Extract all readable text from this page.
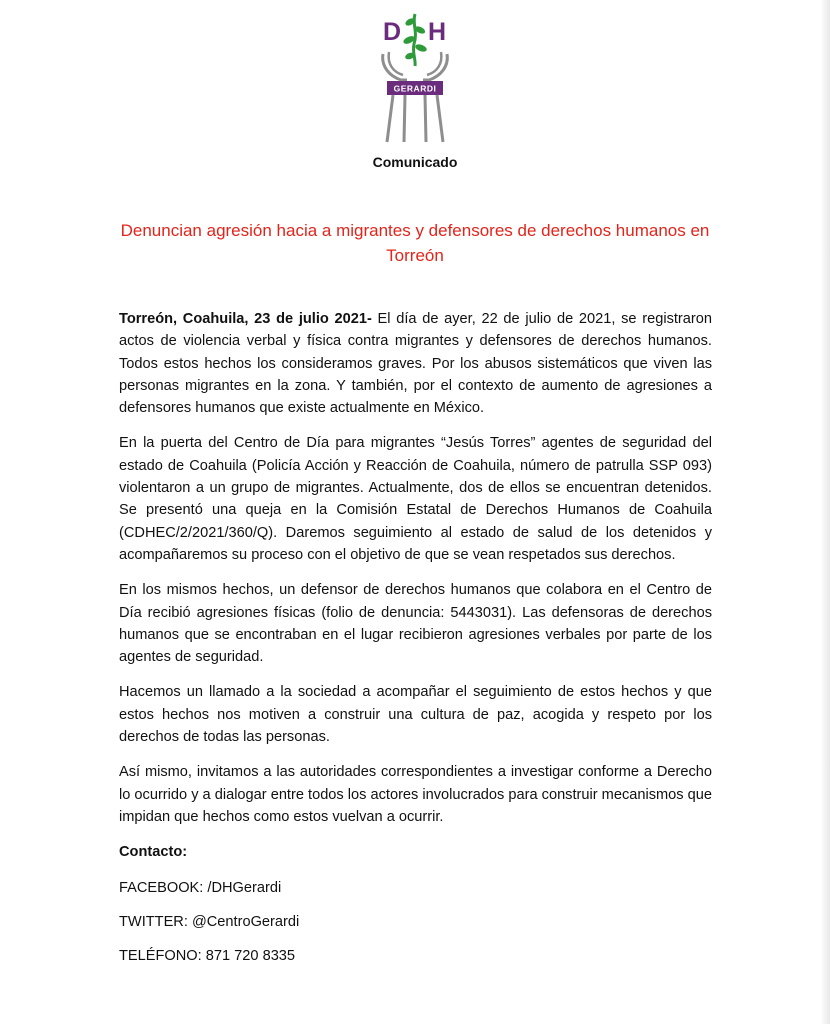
D H
GERARDI
Comunicado
Denuncian agresión hacia a migrantes y defensores de derechos humanos en Torreón

Torreón, Coahuila, 23 de julio 2021- El día de ayer, 22 de julio de 2021, se registraron actos de violencia verbal y física contra migrantes y defensores de derechos humanos. Todos estos hechos los consideramos graves. Por los abusos sistemáticos que viven las personas migrantes en la zona. Y también, por el contexto de aumento de agresiones a defensores humanos que existe actualmente en México.

En la puerta del Centro de Día para migrantes “Jesús Torres” agentes de seguridad del estado de Coahuila (Policía Acción y Reacción de Coahuila, número de patrulla SSP 093) violentaron a un grupo de migrantes. Actualmente, dos de ellos se encuentran detenidos. Se presentó una queja en la Comisión Estatal de Derechos Humanos de Coahuila (CDHEC/2/2021/360/Q). Daremos seguimiento al estado de salud de los detenidos y acompañaremos su proceso con el objetivo de que se vean respetados sus derechos.

En los mismos hechos, un defensor de derechos humanos que colabora en el Centro de Día recibió agresiones físicas (folio de denuncia: 5443031). Las defensoras de derechos humanos que se encontraban en el lugar recibieron agresiones verbales por parte de los agentes de seguridad.

Hacemos un llamado a la sociedad a acompañar el seguimiento de estos hechos y que estos hechos nos motiven a construir una cultura de paz, acogida y respeto por los derechos de todas las personas.

Así mismo, invitamos a las autoridades correspondientes a investigar conforme a Derecho lo ocurrido y a dialogar entre todos los actores involucrados para construir mecanismos que impidan que hechos como estos vuelvan a ocurrir.

Contacto:
FACEBOOK: /DHGerardi
TWITTER: @CentroGerardi
TELÉFONO: 871 720 8335
